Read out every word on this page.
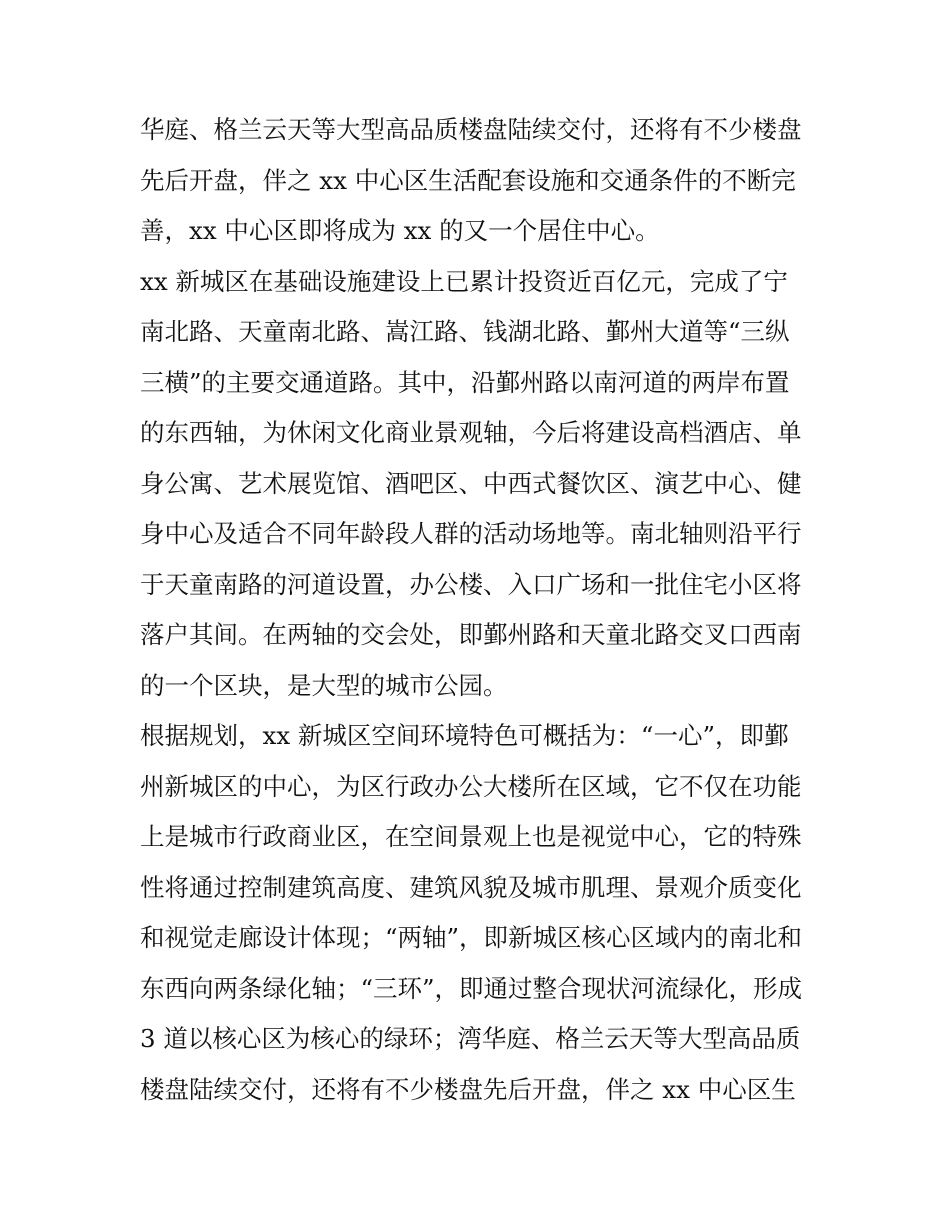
华庭、格兰云天等大型高品质楼盘陆续交付，还将有不少楼盘
先后开盘，伴之 xx 中心区生活配套设施和交通条件的不断完
善，xx 中心区即将成为 xx 的又一个居住中心。
xx 新城区在基础设施建设上已累计投资近百亿元，完成了宁
南北路、天童南北路、嵩江路、钱湖北路、鄞州大道等“三纵
三横”的主要交通道路。其中，沿鄞州路以南河道的两岸布置
的东西轴，为休闲文化商业景观轴，今后将建设高档酒店、单
身公寓、艺术展览馆、酒吧区、中西式餐饮区、演艺中心、健
身中心及适合不同年龄段人群的活动场地等。南北轴则沿平行
于天童南路的河道设置，办公楼、入口广场和一批住宅小区将
落户其间。在两轴的交会处，即鄞州路和天童北路交叉口西南
的一个区块，是大型的城市公园。
根据规划，xx 新城区空间环境特色可概括为：“一心”，即鄞
州新城区的中心，为区行政办公大楼所在区域，它不仅在功能
上是城市行政商业区，在空间景观上也是视觉中心，它的特殊
性将通过控制建筑高度、建筑风貌及城市肌理、景观介质变化
和视觉走廊设计体现；“两轴”，即新城区核心区域内的南北和
东西向两条绿化轴；“三环”，即通过整合现状河流绿化，形成
3 道以核心区为核心的绿环；湾华庭、格兰云天等大型高品质
楼盘陆续交付，还将有不少楼盘先后开盘，伴之 xx 中心区生
